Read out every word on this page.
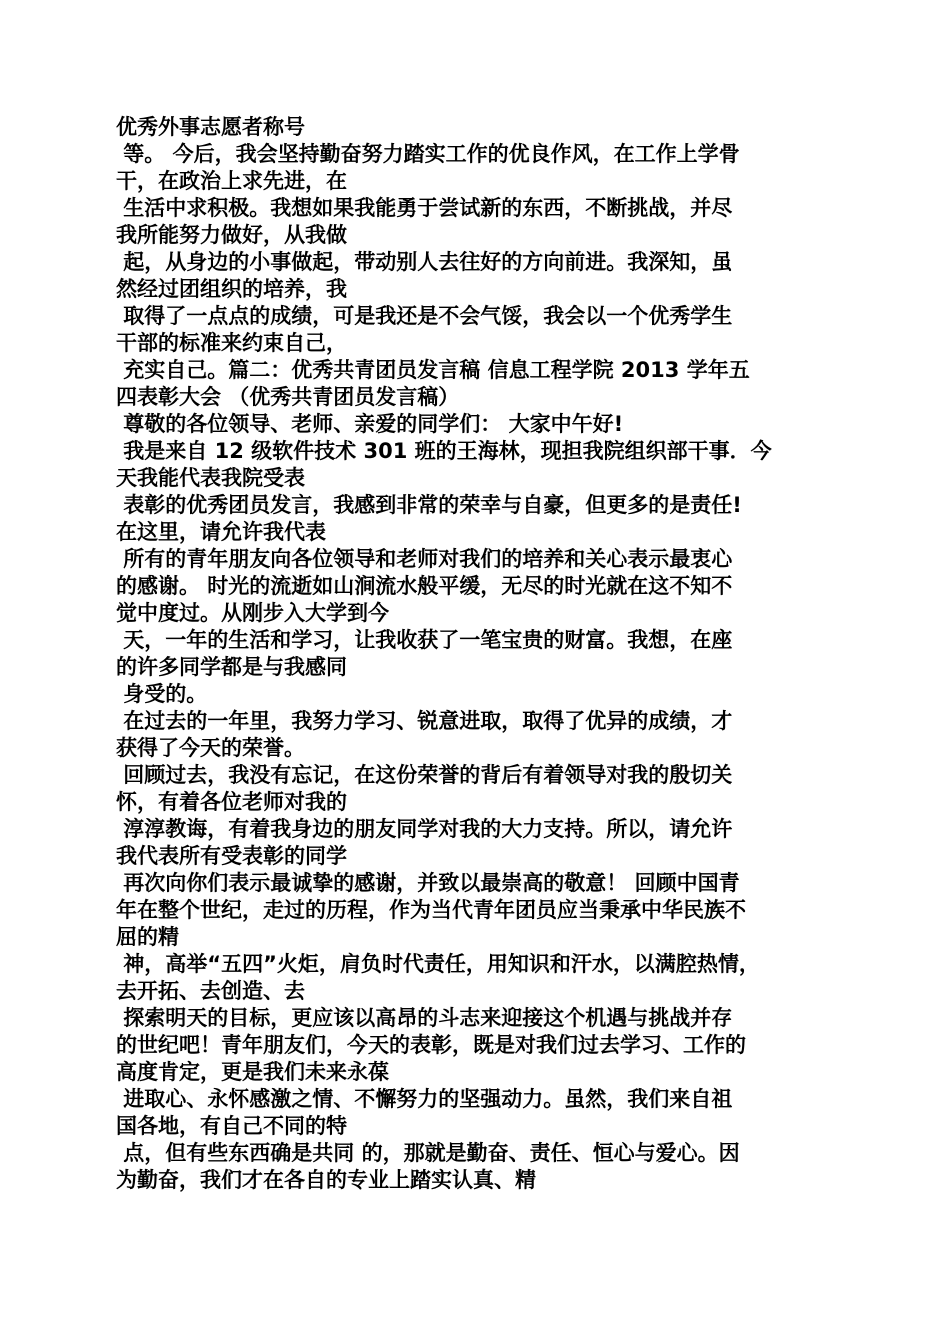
优秀外事志愿者称号

等。 今后，我会坚持勤奋努力踏实工作的优良作风，在工作上学骨

干，在政治上求先进，在

生活中求积极。我想如果我能勇于尝试新的东西，不断挑战，并尽

我所能努力做好，从我做

起，从身边的小事做起，带动别人去往好的方向前进。我深知，虽

然经过团组织的培养，我

取得了一点点的成绩，可是我还是不会气馁，我会以一个优秀学生

干部的标准来约束自己，

充实自己。篇二：优秀共青团员发言稿 信息工程学院 2013 学年五

四表彰大会 （优秀共青团员发言稿）

尊敬的各位领导、老师、亲爱的同学们： 大家中午好!

我是来自 12 级软件技术 301 班的王海林，现担我院组织部干事．今

天我能代表我院受表

表彰的优秀团员发言，我感到非常的荣幸与自豪，但更多的是责任!

在这里，请允许我代表

所有的青年朋友向各位领导和老师对我们的培养和关心表示最衷心

的感谢。 时光的流逝如山涧流水般平缓，无尽的时光就在这不知不

觉中度过。从刚步入大学到今

天，一年的生活和学习，让我收获了一笔宝贵的财富。我想，在座

的许多同学都是与我感同

身受的。

在过去的一年里，我努力学习、锐意进取，取得了优异的成绩，才

获得了今天的荣誉。

回顾过去，我没有忘记，在这份荣誉的背后有着领导对我的殷切关

怀，有着各位老师对我的

淳淳教诲，有着我身边的朋友同学对我的大力支持。所以，请允许

我代表所有受表彰的同学

再次向你们表示最诚挚的感谢，并致以最崇高的敬意！ 回顾中国青

年在整个世纪，走过的历程，作为当代青年团员应当秉承中华民族不

屈的精

神，高举“五四”火炬，肩负时代责任，用知识和汗水，以满腔热情，

去开拓、去创造、去

探索明天的目标，更应该以高昂的斗志来迎接这个机遇与挑战并存

的世纪吧！青年朋友们，今天的表彰，既是对我们过去学习、工作的

高度肯定，更是我们未来永葆

进取心、永怀感激之情、不懈努力的坚强动力。虽然，我们来自祖

国各地，有自己不同的特

点，但有些东西确是共同 的，那就是勤奋、责任、恒心与爱心。因

为勤奋，我们才在各自的专业上踏实认真、精
